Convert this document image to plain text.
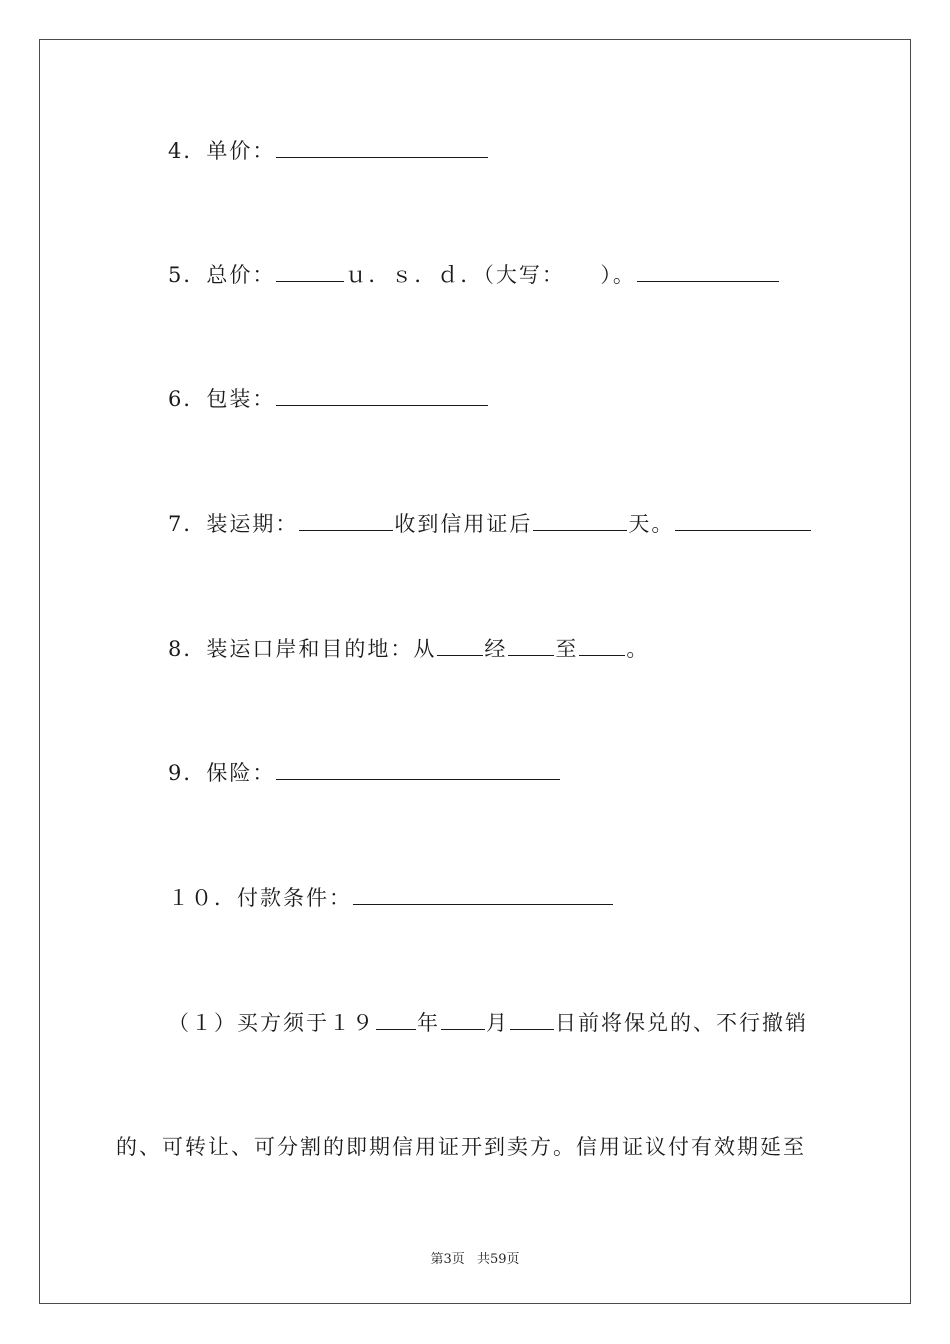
4．单价：
5．总价：	ｕ．ｓ．ｄ．（大写：　　）。
6．包装：
7．装运期：	收到信用证后	天。
8．装运口岸和目的地：从 经 至 。
9．保险：
１０．付款条件：
（１）买方须于１９ 年 月 日前将保兑的、不行撤销
的、可转让、可分割的即期信用证开到卖方。信用证议付有效期延至
第3页 共59页
